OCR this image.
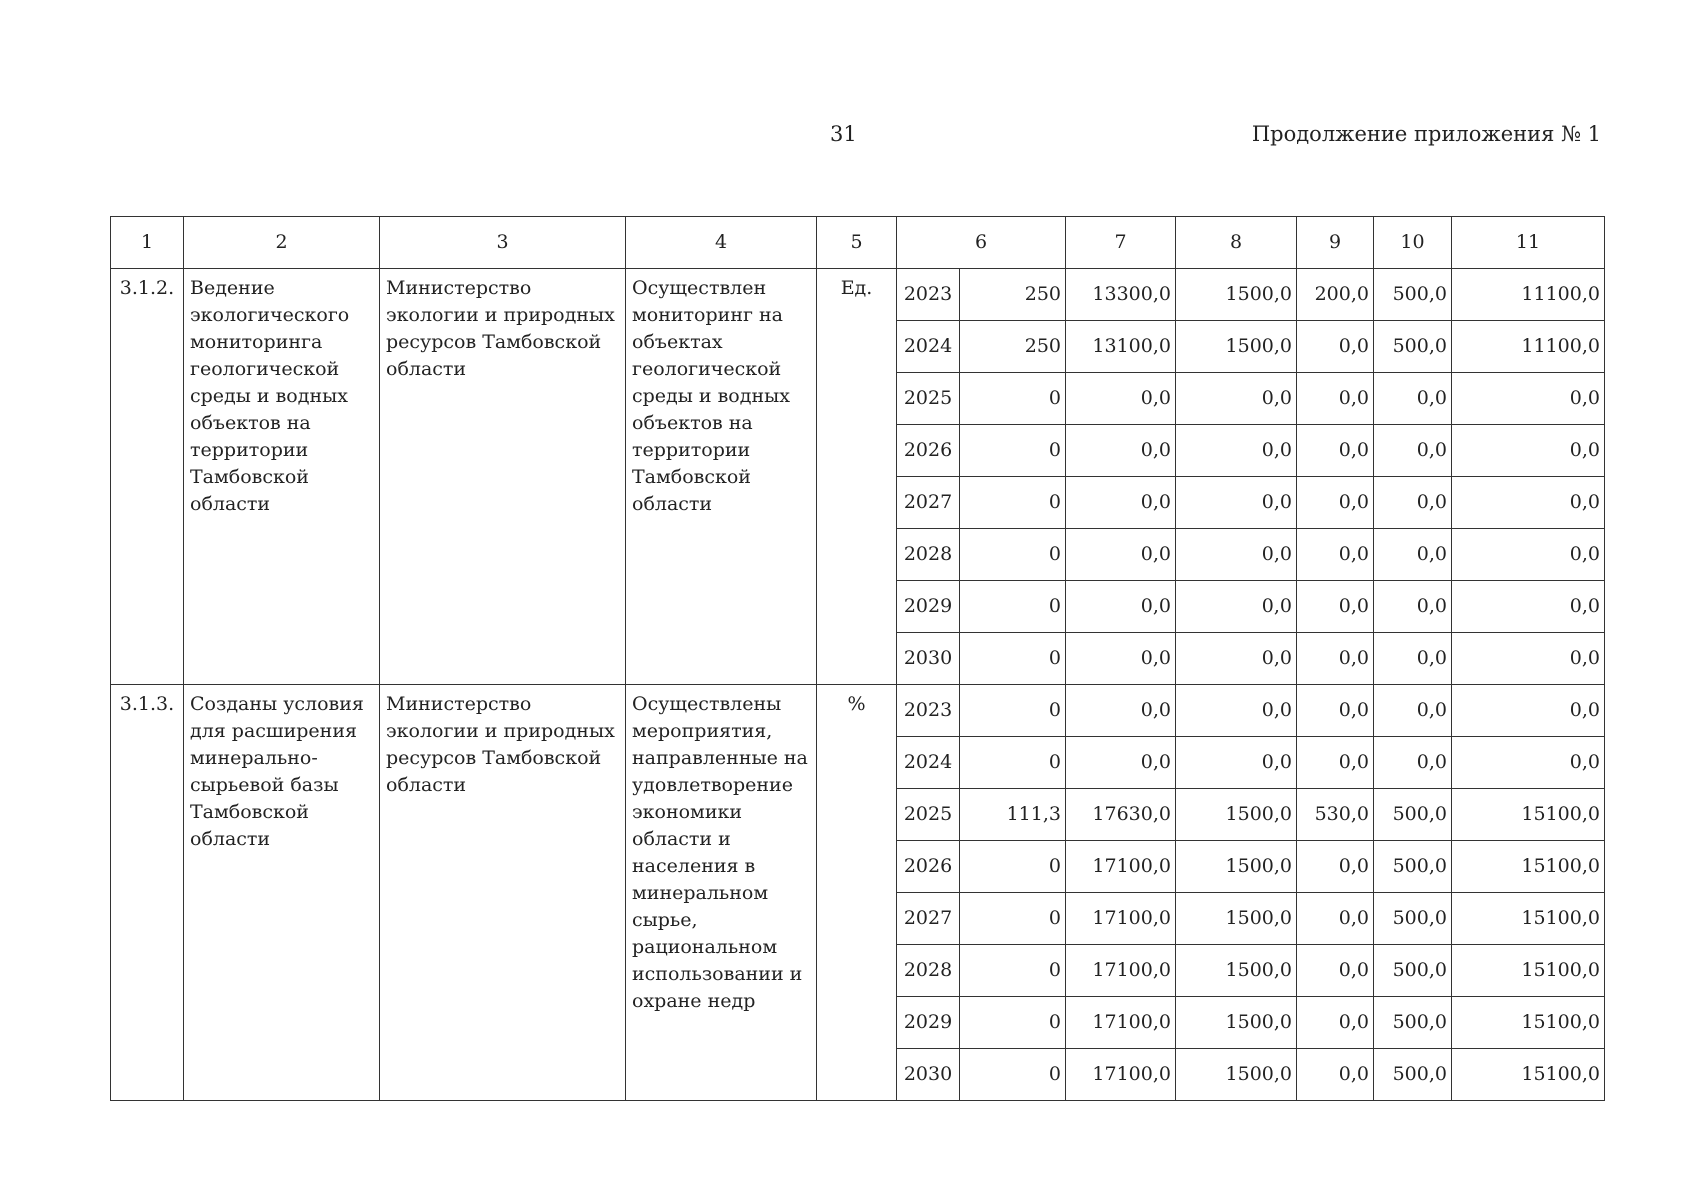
31	Продолжение приложения № 1
1	2	3	4	5	6		7	8	9	10	11
3.1.2.	Ведение экологического мониторинга геологической среды и водных объектов на территории Тамбовской области	Министерство экологии и природных ресурсов Тамбовской области	Осуществлен мониторинг на объектах геологической среды и водных объектов на территории Тамбовской области	Ед.	2023	250	13300,0	1500,0	200,0	500,0	11100,0
					2024	250	13100,0	1500,0	0,0	500,0	11100,0
					2025	0	0,0	0,0	0,0	0,0	0,0
					2026	0	0,0	0,0	0,0	0,0	0,0
					2027	0	0,0	0,0	0,0	0,0	0,0
					2028	0	0,0	0,0	0,0	0,0	0,0
					2029	0	0,0	0,0	0,0	0,0	0,0
					2030	0	0,0	0,0	0,0	0,0	0,0
3.1.3.	Созданы условия для расширения минерально-сырьевой базы Тамбовской области	Министерство экологии и природных ресурсов Тамбовской области	Осуществлены мероприятия, направленные на удовлетворение экономики области и населения в минеральном сырье, рациональном использовании и охране недр	%	2023	0	0,0	0,0	0,0	0,0	0,0
					2024	0	0,0	0,0	0,0	0,0	0,0
					2025	111,3	17630,0	1500,0	530,0	500,0	15100,0
					2026	0	17100,0	1500,0	0,0	500,0	15100,0
					2027	0	17100,0	1500,0	0,0	500,0	15100,0
					2028	0	17100,0	1500,0	0,0	500,0	15100,0
					2029	0	17100,0	1500,0	0,0	500,0	15100,0
					2030	0	17100,0	1500,0	0,0	500,0	15100,0
